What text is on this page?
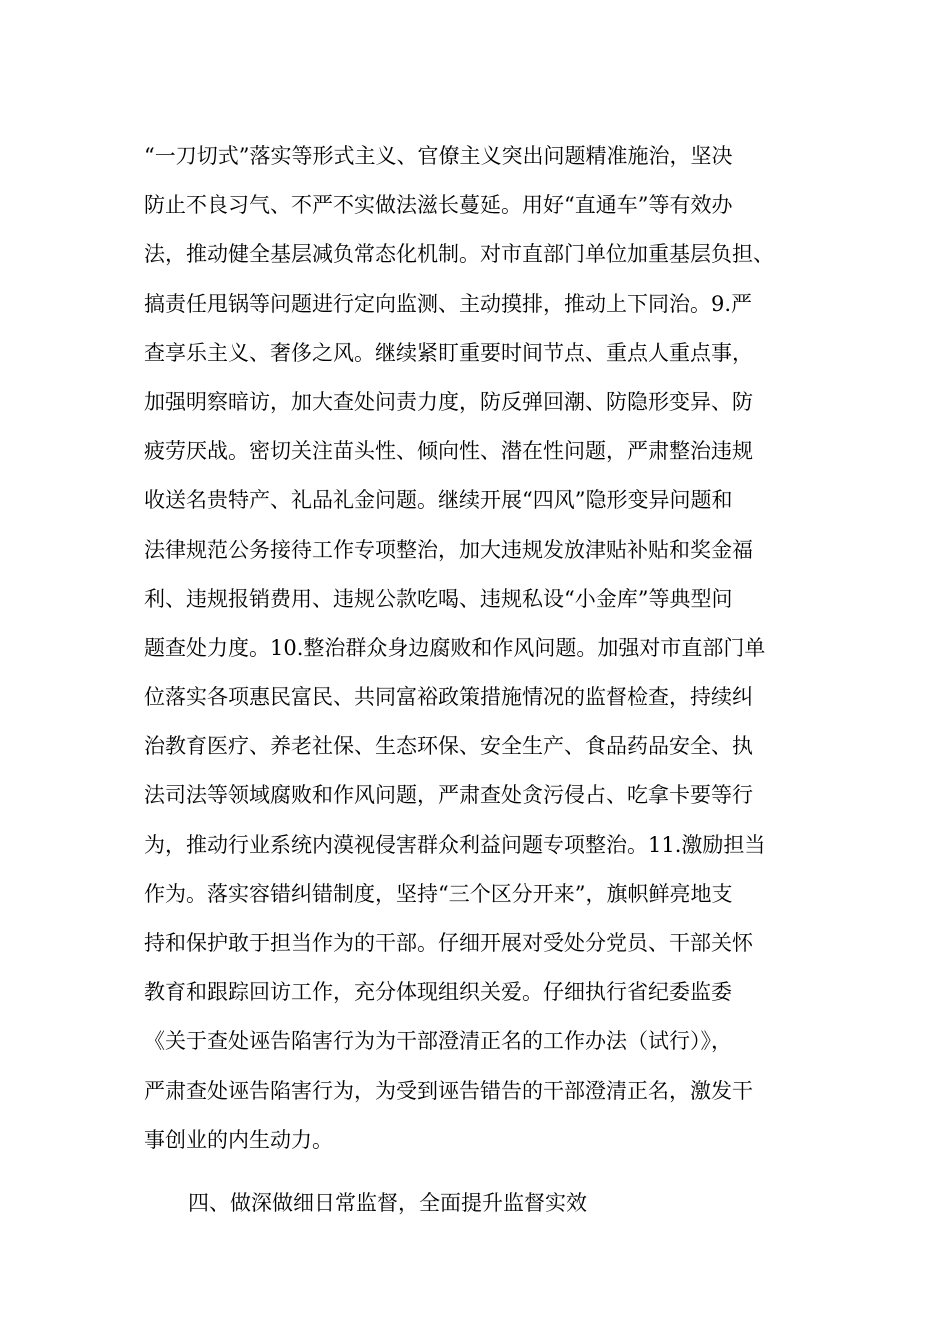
“一刀切式”落实等形式主义、官僚主义突出问题精准施治，坚决
防止不良习气、不严不实做法滋长蔓延。用好“直通车”等有效办
法，推动健全基层减负常态化机制。对市直部门单位加重基层负担、
搞责任甩锅等问题进行定向监测、主动摸排，推动上下同治。9.严
查享乐主义、奢侈之风。继续紧盯重要时间节点、重点人重点事，
加强明察暗访，加大查处问责力度，防反弹回潮、防隐形变异、防
疲劳厌战。密切关注苗头性、倾向性、潜在性问题，严肃整治违规
收送名贵特产、礼品礼金问题。继续开展“四风”隐形变异问题和
法律规范公务接待工作专项整治，加大违规发放津贴补贴和奖金福
利、违规报销费用、违规公款吃喝、违规私设“小金库”等典型问
题查处力度。10.整治群众身边腐败和作风问题。加强对市直部门单
位落实各项惠民富民、共同富裕政策措施情况的监督检查，持续纠
治教育医疗、养老社保、生态环保、安全生产、食品药品安全、执
法司法等领域腐败和作风问题，严肃查处贪污侵占、吃拿卡要等行
为，推动行业系统内漠视侵害群众利益问题专项整治。11.激励担当
作为。落实容错纠错制度，坚持“三个区分开来”，旗帜鲜亮地支
持和保护敢于担当作为的干部。仔细开展对受处分党员、干部关怀
教育和跟踪回访工作，充分体现组织关爱。仔细执行省纪委监委
《关于查处诬告陷害行为为干部澄清正名的工作办法（试行）》，
严肃查处诬告陷害行为，为受到诬告错告的干部澄清正名，激发干
事创业的内生动力。
四、做深做细日常监督，全面提升监督实效
